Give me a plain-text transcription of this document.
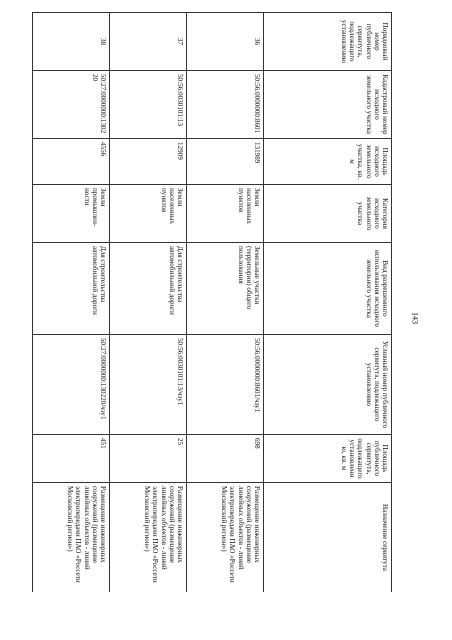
143
Порядковый номер публичного сервитута, подлежащего установлению	Кадастровый номер исходного земельного участка	Площадь исходного земельного участка, кв. м	Категория исходного земельного участка	Вид разрешенного использования исходного земельного участка	Условный номер публичного сервитута, подлежащего установлению	Площадь публичного сервитута, подлежащего установлению, кв. м	Назначение сервитута
36	50:56:0000000:8601	131989	Земли населенных пунктов	Земельные участки (территории) общего пользования	50:56:0000000:8601/чзу1	698	Размещение инженерных сооружений (размещение линейных объектов - линий электропередачи ПАО «Россети Московский регион»)
37	50:56:0030101:13	12909	Земли населенных пунктов	Для строительства автомобильной дороги	50:56:0030101:13/чзу1	25	Размещение инженерных сооружений (размещение линейных объектов - линий электропередачи ПАО «Россети Московский регион»)
38	50:27:0000000:130220	4556	Земли промышлен-ности	Для строительства автомобильной дороги	50:27:0000000:130220/чзу1	451	Размещение инженерных сооружений (размещение линейных объектов - линий электропередачи ПАО «Россети Московский регион»)
